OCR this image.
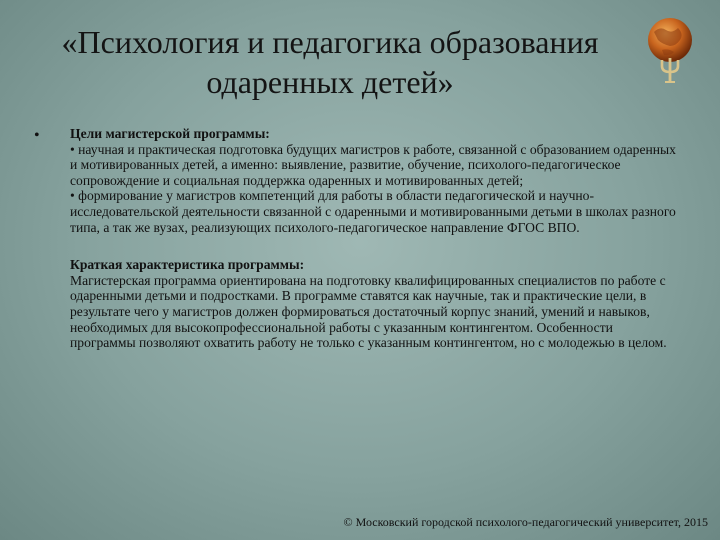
«Психология и педагогика образования одаренных детей»
• Цели магистерской программы:

• научная и практическая подготовка будущих магистров к работе, связанной с образованием одаренных и мотивированных детей, а именно: выявление, развитие, обучение, психолого-педагогическое сопровождение и социальная поддержка одаренных и мотивированных детей;

• формирование у магистров компетенций для работы в области педагогической и научно-исследовательской деятельности связанной с одаренными и мотивированными детьми в школах разного типа, а так же вузах, реализующих психолого-педагогическое направление ФГОС ВПО.

Краткая характеристика программы:

Магистерская программа ориентирована на подготовку квалифицированных специалистов по работе с одаренными детьми и подростками. В программе ставятся как научные, так и практические цели, в результате чего у магистров должен формироваться достаточный корпус знаний, умений и навыков, необходимых для высокопрофессиональной работы с указанным контингентом. Особенности программы позволяют охватить работу не только с указанным контингентом, но с молодежью в целом.

© Московский городской психолого-педагогический университет, 2015
